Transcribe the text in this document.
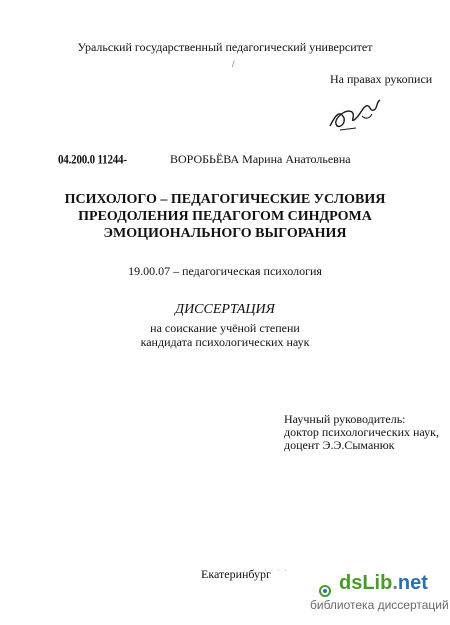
Уральский государственный педагогический университет
/
На правах рукописи
04.200.0 11244-	ВОРОБЬЁВА Марина Анатольевна
ПСИХОЛОГО – ПЕДАГОГИЧЕСКИЕ УСЛОВИЯ
ПРЕОДОЛЕНИЯ ПЕДАГОГОМ СИНДРОМА
ЭМОЦИОНАЛЬНОГО ВЫГОРАНИЯ
19.00.07 – педагогическая психология
ДИССЕРТАЦИЯ
на соискание учёной степени
кандидата психологических наук
Научный руководитель:
доктор психологических наук,
доцент Э.Э.Сыманюк
Екатеринбург
· · · ·
dsLib.net
библиотека диссертаций
